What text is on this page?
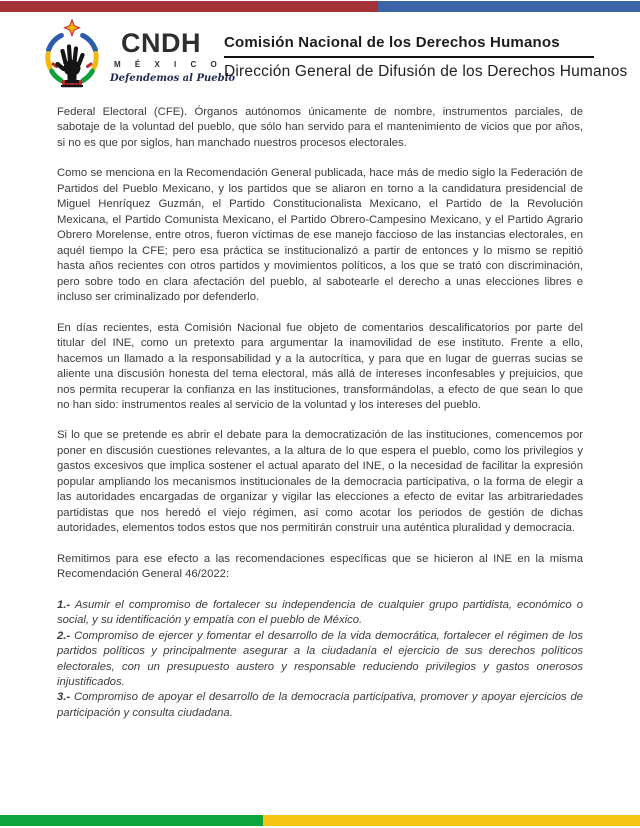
CNDH
M É X I C O
Defendemos al Pueblo
Comisión Nacional de los Derechos Humanos
Dirección General de Difusión de los Derechos Humanos

Federal Electoral (CFE). Órganos autónomos únicamente de nombre, instrumentos parciales, de sabotaje de la voluntad del pueblo, que sólo han servido para el mantenimiento de vicios que por años, si no es que por siglos, han manchado nuestros procesos electorales.

Como se menciona en la Recomendación General publicada, hace más de medio siglo la Federación de Partidos del Pueblo Mexicano, y los partidos que se aliaron en torno a la candidatura presidencial de Miguel Henríquez Guzmán, el Partido Constitucionalista Mexicano, el Partido de la Revolución Mexicana, el Partido Comunista Mexicano, el Partido Obrero-Campesino Mexicano, y el Partido Agrario Obrero Morelense, entre otros, fueron víctimas de ese manejo faccioso de las instancias electorales, en aquél tiempo la CFE; pero esa práctica se institucionalizó a partir de entonces y lo mismo se repitió hasta años recientes con otros partidos y movimientos políticos, a los que se trató con discriminación, pero sobre todo en clara afectación del pueblo, al sabotearle el derecho a unas elecciones libres e incluso ser criminalizado por defenderlo.

En días recientes, esta Comisión Nacional fue objeto de comentarios descalificatorios por parte del titular del INE, como un pretexto para argumentar la inamovilidad de ese instituto. Frente a ello, hacemos un llamado a la responsabilidad y a la autocrítica, y para que en lugar de guerras sucias se aliente una discusión honesta del tema electoral, más allá de intereses inconfesables y prejuicios, que nos permita recuperar la confianza en las instituciones, transformándolas, a efecto de que sean lo que no han sido: instrumentos reales al servicio de la voluntad y los intereses del pueblo.

Si lo que se pretende es abrir el debate para la democratización de las instituciones, comencemos por poner en discusión cuestiones relevantes, a la altura de lo que espera el pueblo, como los privilegios y gastos excesivos que implica sostener el actual aparato del INE, o la necesidad de facilitar la expresión popular ampliando los mecanismos institucionales de la democracia participativa, o la forma de elegir a las autoridades encargadas de organizar y vigilar las elecciones a efecto de evitar las arbitrariedades partidistas que nos heredó el viejo régimen, así como acotar los periodos de gestión de dichas autoridades, elementos todos estos que nos permitirán construir una auténtica pluralidad y democracia.

Remitimos para ese efecto a las recomendaciones específicas que se hicieron al INE en la misma Recomendación General 46/2022:

1.- Asumir el compromiso de fortalecer su independencia de cualquier grupo partidista, económico o social, y su identificación y empatía con el pueblo de México.

2.- Compromiso de ejercer y fomentar el desarrollo de la vida democrática, fortalecer el régimen de los partidos políticos y principalmente asegurar a la ciudadanía el ejercicio de sus derechos políticos electorales, con un presupuesto austero y responsable reduciendo privilegios y gastos onerosos injustificados.

3.- Compromiso de apoyar el desarrollo de la democracia participativa, promover y apoyar ejercicios de participación y consulta ciudadana.
